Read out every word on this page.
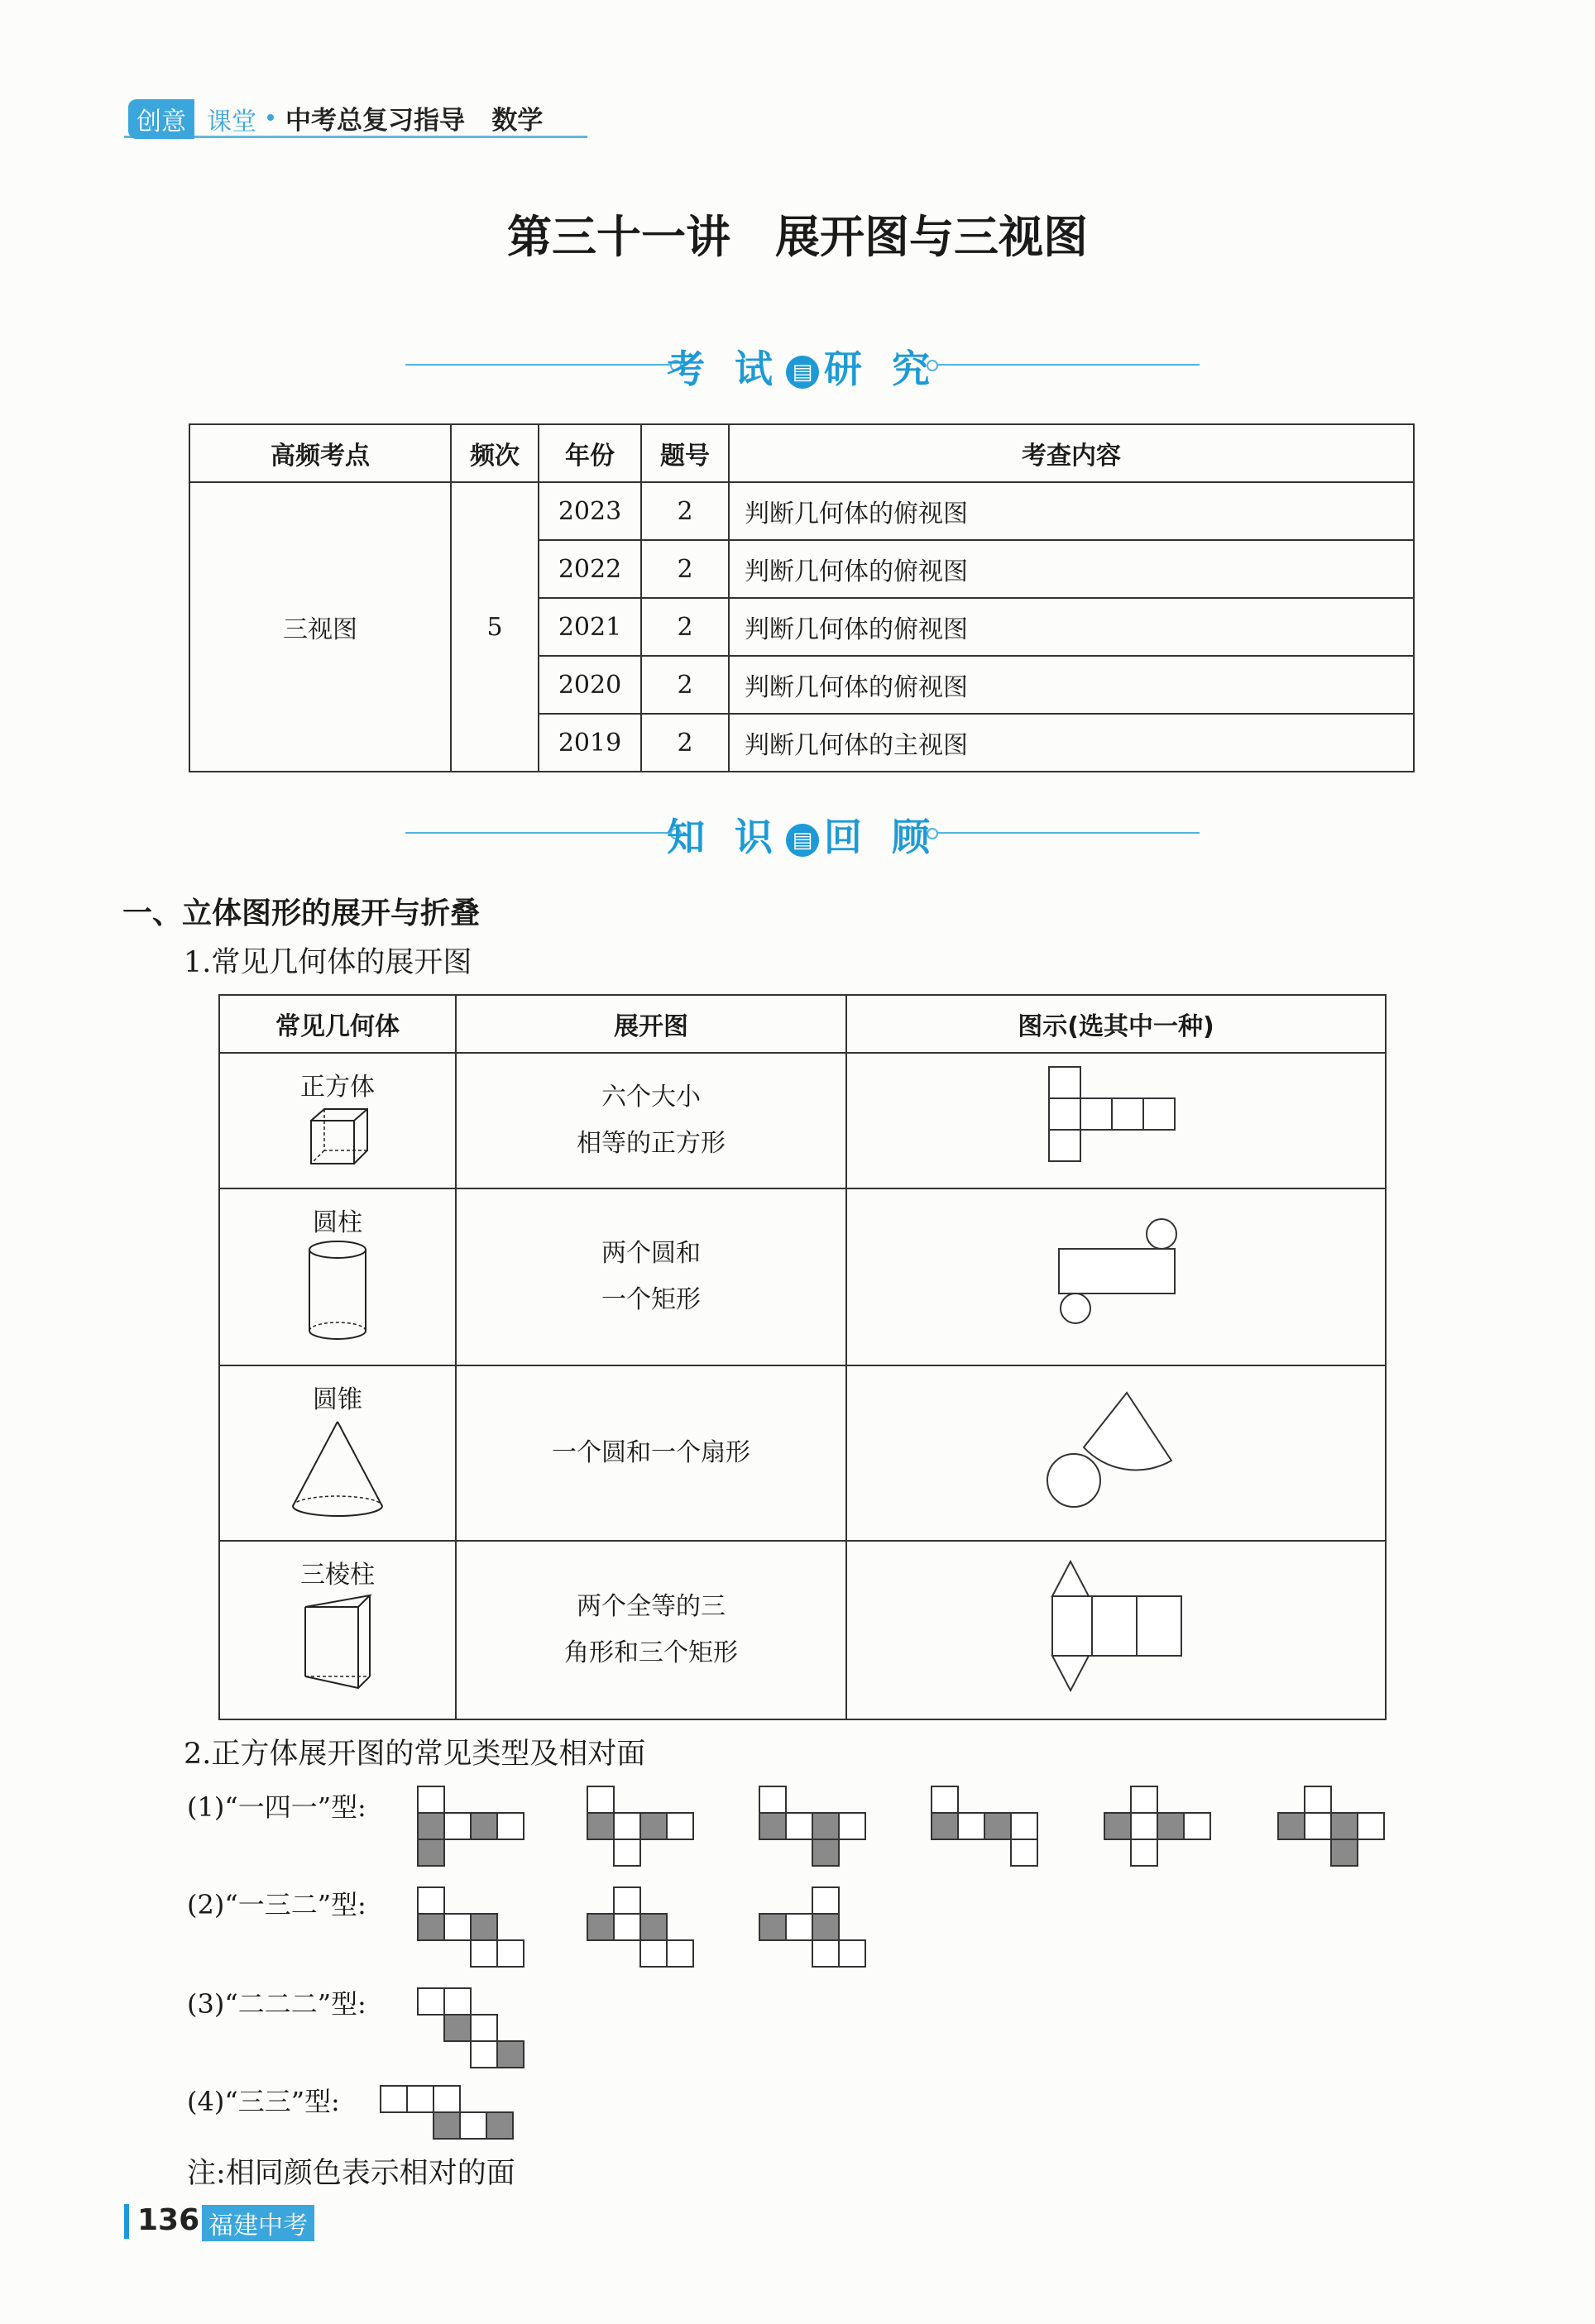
创意 课堂 中考总复习指导 数学
第三十一讲　展开图与三视图
考 试 ▤ 研 究
高频考点	频次	年份	题号	考查内容
三视图	5	2023	2	判断几何体的俯视图
		2022	2	判断几何体的俯视图
		2021	2	判断几何体的俯视图
		2020	2	判断几何体的俯视图
		2019	2	判断几何体的主视图
知 识 ▤ 回 顾
一、立体图形的展开与折叠
1.常见几何体的展开图
常见几何体	展开图	图示(选其中一种)

正方体	六个大小
相等的正方形	

圆柱	两个圆和
一个矩形	

圆锥	一个圆和一个扇形	

三棱柱	两个全等的三
角形和三个矩形	
2.正方体展开图的常见类型及相对面
(1)“一四一”型:
(2)“一三二”型:
(3)“二二二”型:
(4)“三三”型:
注:相同颜色表示相对的面
136 福建中考
